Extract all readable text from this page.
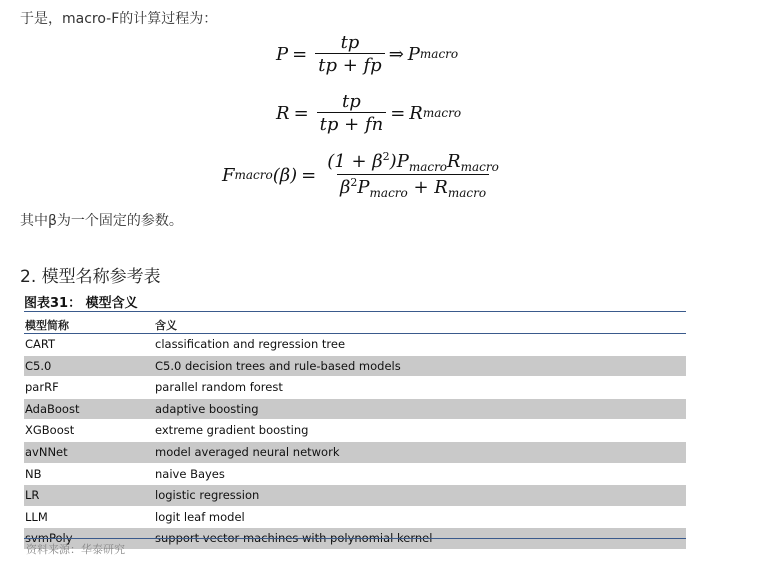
于是，macro-F的计算过程为：
$P = \frac{tp}{tp + fp}$ ⇒ P macro
$R = \frac{tp}{tp + fn} = R$ macro
F macro $(\beta) = \frac{(1 + \beta^2)P_{macro}R_{macro}}{\beta^2P_{macro} + R_{macro}}$
其中β为一个固定的参数。
2. 模型名称参考表
图表31： 模型含义
模型简称	含义
CART	classification and regression tree
C5.0	C5.0 decision trees and rule-based models
parRF	parallel random forest
AdaBoost	adaptive boosting
XGBoost	extreme gradient boosting
avNNet	model averaged neural network
NB	naive Bayes
LR	logistic regression
LLM	logit leaf model
svmPoly	support vector machines with polynomial kernel
资料来源：华泰研究
